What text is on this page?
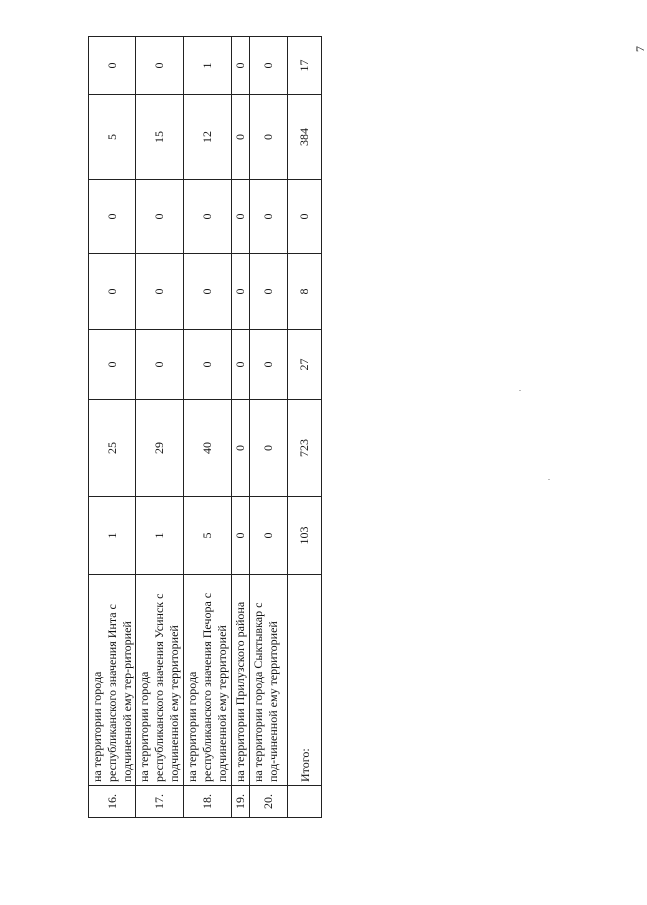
7
16.	на территории города республиканского значения Инта с подчиненной ему тер-риторией	1	25	0	0	0	5	0
17.	на территории города республиканского значения Усинск с подчиненной ему территорией	1	29	0	0	0	15	0
18.	на территории города республиканского значения Печора с подчиненной ему территорией	5	40	0	0	0	12	1
19.	на территории Прилузского района	0	0	0	0	0	0	0
20.	на территории города Сыктывкар с под-чиненной ему территорией	0	0	0	0	0	0	0
	Итого:	103	723	27	8	0	384	17
